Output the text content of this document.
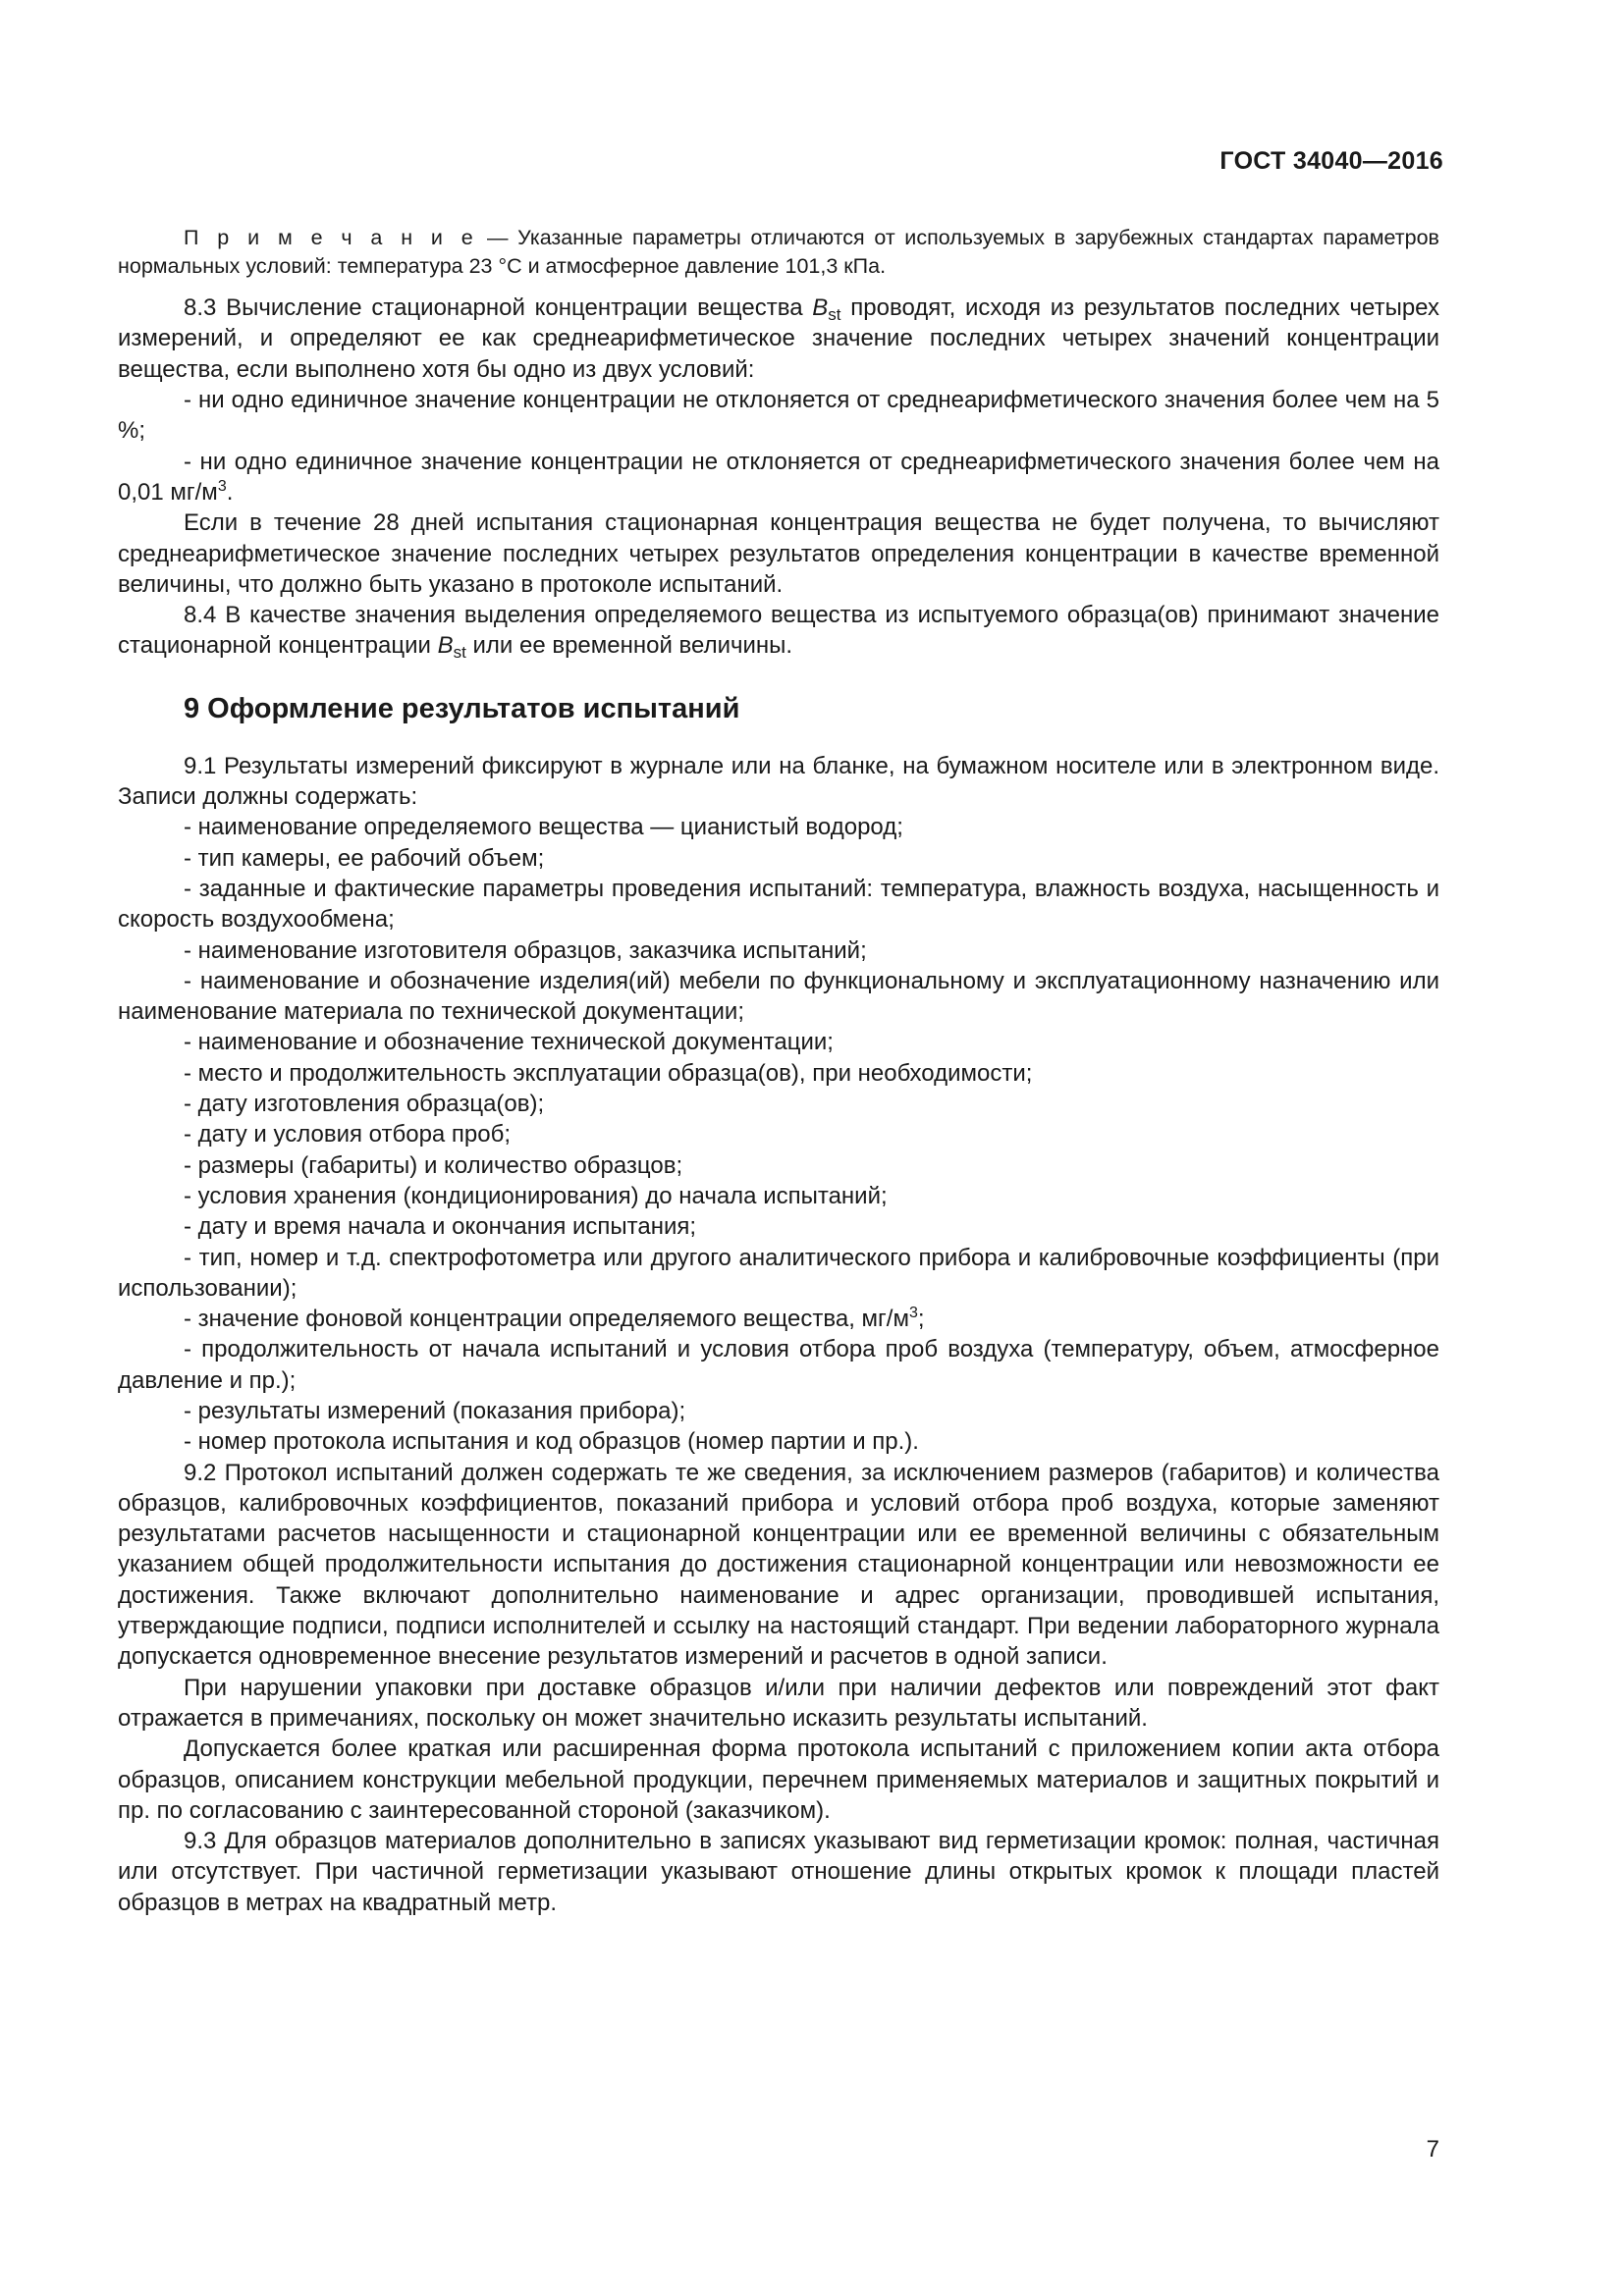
ГОСТ 34040—2016

П р и м е ч а н и е — Указанные параметры отличаются от используемых в зарубежных стандартах параметров нормальных условий: температура 23 °С и атмосферное давление 101,3 кПа.

8.3 Вычисление стационарной концентрации вещества $B_{st}$ проводят, исходя из результатов последних четырех измерений, и определяют ее как среднеарифметическое значение последних четырех значений концентрации вещества, если выполнено хотя бы одно из двух условий:

- ни одно единичное значение концентрации не отклоняется от среднеарифметического значения более чем на 5 %;

- ни одно единичное значение концентрации не отклоняется от среднеарифметического значения более чем на 0,01 $мг/м^3$.

Если в течение 28 дней испытания стационарная концентрация вещества не будет получена, то вычисляют среднеарифметическое значение последних четырех результатов определения концентрации в качестве временной величины, что должно быть указано в протоколе испытаний.

8.4 В качестве значения выделения определяемого вещества из испытуемого образца(ов) принимают значение стационарной концентрации $B_{st}$ или ее временной величины.

9 Оформление результатов испытаний

9.1 Результаты измерений фиксируют в журнале или на бланке, на бумажном носителе или в электронном виде. Записи должны содержать:

- наименование определяемого вещества — цианистый водород;

- тип камеры, ее рабочий объем;

- заданные и фактические параметры проведения испытаний: температура, влажность воздуха, насыщенность и скорость воздухообмена;

- наименование изготовителя образцов, заказчика испытаний;

- наименование и обозначение изделия(ий) мебели по функциональному и эксплуатационному назначению или наименование материала по технической документации;

- наименование и обозначение технической документации;

- место и продолжительность эксплуатации образца(ов), при необходимости;

- дату изготовления образца(ов);

- дату и условия отбора проб;

- размеры (габариты) и количество образцов;

- условия хранения (кондиционирования) до начала испытаний;

- дату и время начала и окончания испытания;

- тип, номер и т.д. спектрофотометра или другого аналитического прибора и калибровочные коэффициенты (при использовании);

- значение фоновой концентрации определяемого вещества, $мг/м^3$;

- продолжительность от начала испытаний и условия отбора проб воздуха (температуру, объем, атмосферное давление и пр.);

- результаты измерений (показания прибора);

- номер протокола испытания и код образцов (номер партии и пр.).

9.2 Протокол испытаний должен содержать те же сведения, за исключением размеров (габаритов) и количества образцов, калибровочных коэффициентов, показаний прибора и условий отбора проб воздуха, которые заменяют результатами расчетов насыщенности и стационарной концентрации или ее временной величины с обязательным указанием общей продолжительности испытания до достижения стационарной концентрации или невозможности ее достижения. Также включают дополнительно наименование и адрес организации, проводившей испытания, утверждающие подписи, подписи исполнителей и ссылку на настоящий стандарт. При ведении лабораторного журнала допускается одновременное внесение результатов измерений и расчетов в одной записи.

При нарушении упаковки при доставке образцов и/или при наличии дефектов или повреждений этот факт отражается в примечаниях, поскольку он может значительно исказить результаты испытаний.

Допускается более краткая или расширенная форма протокола испытаний с приложением копии акта отбора образцов, описанием конструкции мебельной продукции, перечнем применяемых материалов и защитных покрытий и пр. по согласованию с заинтересованной стороной (заказчиком).

9.3 Для образцов материалов дополнительно в записях указывают вид герметизации кромок: полная, частичная или отсутствует. При частичной герметизации указывают отношение длины открытых кромок к площади пластей образцов в метрах на квадратный метр.

7
